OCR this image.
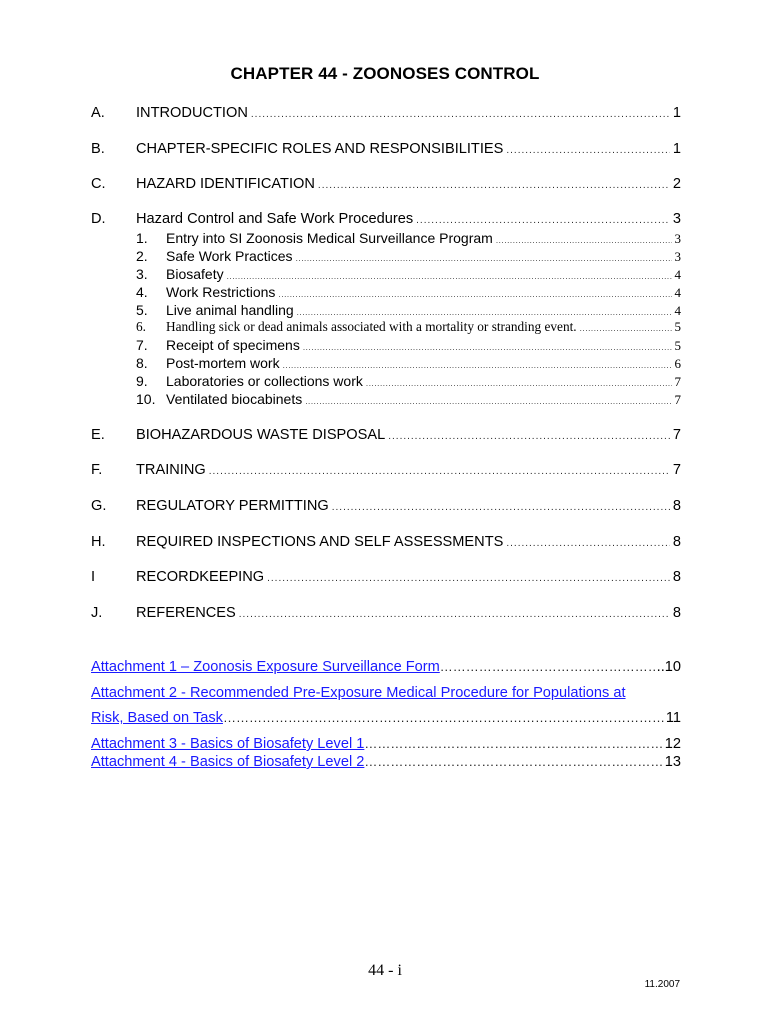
CHAPTER 44 - ZOONOSES CONTROL
A.	INTRODUCTION .....	1
B.	CHAPTER-SPECIFIC ROLES AND RESPONSIBILITIES .....	1
C.	HAZARD IDENTIFICATION .....	2
D.	Hazard Control and Safe Work Procedures .....	3
1.	Entry into SI Zoonosis Medical Surveillance Program .....	3
2.	Safe Work Practices .....	3
3.	Biosafety .....	4
4.	Work Restrictions .....	4
5.	Live animal handling .....	4
6.	Handling sick or dead animals associated with a mortality or stranding event. .....	5
7.	Receipt of specimens .....	5
8.	Post-mortem work .....	6
9.	Laboratories or collections work .....	7
10. Ventilated biocabinets .....	7
E.	BIOHAZARDOUS WASTE DISPOSAL .....	7
F.	TRAINING .....	7
G.	REGULATORY PERMITTING .....	8
H.	REQUIRED INSPECTIONS AND SELF ASSESSMENTS .....	8
I	RECORDKEEPING .....	8
J.	REFERENCES .....	8
Attachment 1 – Zoonosis Exposure Surveillance Form ……………………………………………………………………………………………………………………………………………………………………	..10
Attachment 2 - Recommended Pre-Exposure Medical Procedure for Populations at
Risk, Based on Task ……………………………………………………………………………………………………………………………………………………………………	11
Attachment 3 - Basics of Biosafety Level 1 ……………………………………………………………………………………………………………………………………………………………………	12
Attachment 4 - Basics of Biosafety Level 2 ……………………………………………………………………………………………………………………………………………………………………	13
44 - i
11.2007
